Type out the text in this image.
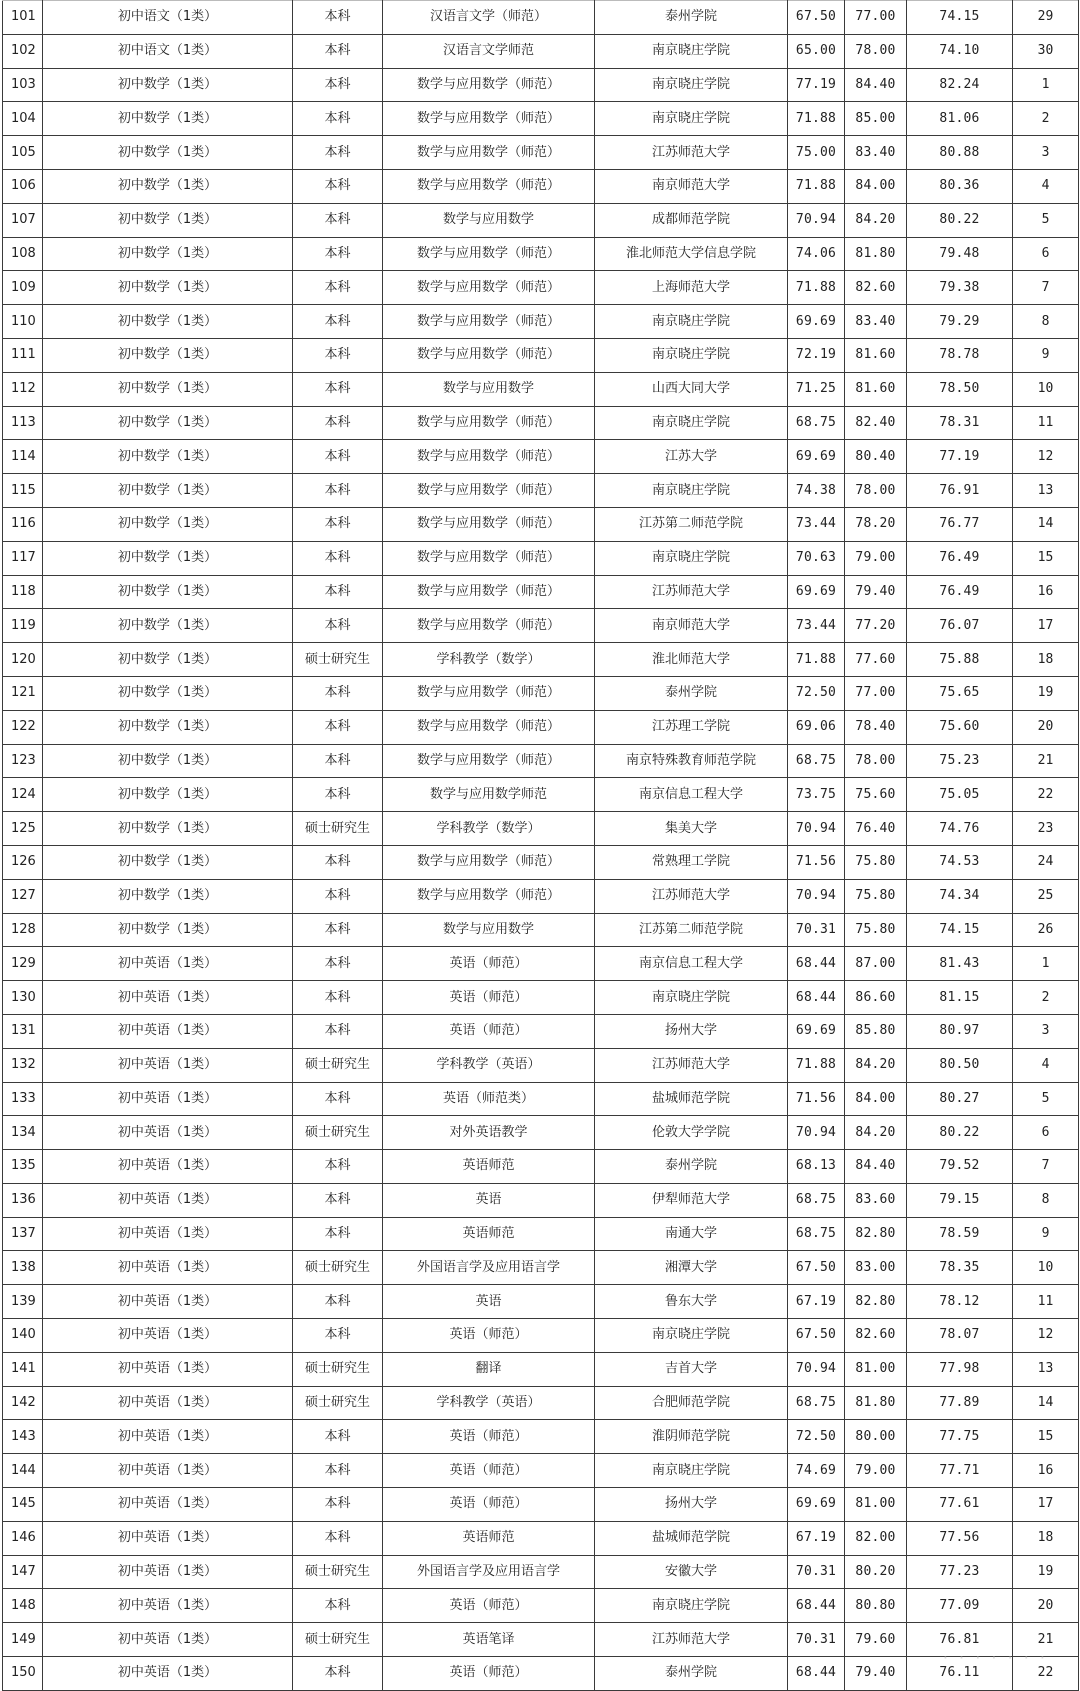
101	初中语文（1类）	本科	汉语言文学（师范）	泰州学院	67.50	77.00	74.15	29
102	初中语文（1类）	本科	汉语言文学师范	南京晓庄学院	65.00	78.00	74.10	30
103	初中数学（1类）	本科	数学与应用数学（师范）	南京晓庄学院	77.19	84.40	82.24	1
104	初中数学（1类）	本科	数学与应用数学（师范）	南京晓庄学院	71.88	85.00	81.06	2
105	初中数学（1类）	本科	数学与应用数学（师范）	江苏师范大学	75.00	83.40	80.88	3
106	初中数学（1类）	本科	数学与应用数学（师范）	南京师范大学	71.88	84.00	80.36	4
107	初中数学（1类）	本科	数学与应用数学	成都师范学院	70.94	84.20	80.22	5
108	初中数学（1类）	本科	数学与应用数学（师范）	淮北师范大学信息学院	74.06	81.80	79.48	6
109	初中数学（1类）	本科	数学与应用数学（师范）	上海师范大学	71.88	82.60	79.38	7
110	初中数学（1类）	本科	数学与应用数学（师范）	南京晓庄学院	69.69	83.40	79.29	8
111	初中数学（1类）	本科	数学与应用数学（师范）	南京晓庄学院	72.19	81.60	78.78	9
112	初中数学（1类）	本科	数学与应用数学	山西大同大学	71.25	81.60	78.50	10
113	初中数学（1类）	本科	数学与应用数学（师范）	南京晓庄学院	68.75	82.40	78.31	11
114	初中数学（1类）	本科	数学与应用数学（师范）	江苏大学	69.69	80.40	77.19	12
115	初中数学（1类）	本科	数学与应用数学（师范）	南京晓庄学院	74.38	78.00	76.91	13
116	初中数学（1类）	本科	数学与应用数学（师范）	江苏第二师范学院	73.44	78.20	76.77	14
117	初中数学（1类）	本科	数学与应用数学（师范）	南京晓庄学院	70.63	79.00	76.49	15
118	初中数学（1类）	本科	数学与应用数学（师范）	江苏师范大学	69.69	79.40	76.49	16
119	初中数学（1类）	本科	数学与应用数学（师范）	南京师范大学	73.44	77.20	76.07	17
120	初中数学（1类）	硕士研究生	学科教学（数学）	淮北师范大学	71.88	77.60	75.88	18
121	初中数学（1类）	本科	数学与应用数学（师范）	泰州学院	72.50	77.00	75.65	19
122	初中数学（1类）	本科	数学与应用数学（师范）	江苏理工学院	69.06	78.40	75.60	20
123	初中数学（1类）	本科	数学与应用数学（师范）	南京特殊教育师范学院	68.75	78.00	75.23	21
124	初中数学（1类）	本科	数学与应用数学师范	南京信息工程大学	73.75	75.60	75.05	22
125	初中数学（1类）	硕士研究生	学科教学（数学）	集美大学	70.94	76.40	74.76	23
126	初中数学（1类）	本科	数学与应用数学（师范）	常熟理工学院	71.56	75.80	74.53	24
127	初中数学（1类）	本科	数学与应用数学（师范）	江苏师范大学	70.94	75.80	74.34	25
128	初中数学（1类）	本科	数学与应用数学	江苏第二师范学院	70.31	75.80	74.15	26
129	初中英语（1类）	本科	英语（师范）	南京信息工程大学	68.44	87.00	81.43	1
130	初中英语（1类）	本科	英语（师范）	南京晓庄学院	68.44	86.60	81.15	2
131	初中英语（1类）	本科	英语（师范）	扬州大学	69.69	85.80	80.97	3
132	初中英语（1类）	硕士研究生	学科教学（英语）	江苏师范大学	71.88	84.20	80.50	4
133	初中英语（1类）	本科	英语（师范类）	盐城师范学院	71.56	84.00	80.27	5
134	初中英语（1类）	硕士研究生	对外英语教学	伦敦大学学院	70.94	84.20	80.22	6
135	初中英语（1类）	本科	英语师范	泰州学院	68.13	84.40	79.52	7
136	初中英语（1类）	本科	英语	伊犁师范大学	68.75	83.60	79.15	8
137	初中英语（1类）	本科	英语师范	南通大学	68.75	82.80	78.59	9
138	初中英语（1类）	硕士研究生	外国语言学及应用语言学	湘潭大学	67.50	83.00	78.35	10
139	初中英语（1类）	本科	英语	鲁东大学	67.19	82.80	78.12	11
140	初中英语（1类）	本科	英语（师范）	南京晓庄学院	67.50	82.60	78.07	12
141	初中英语（1类）	硕士研究生	翻译	吉首大学	70.94	81.00	77.98	13
142	初中英语（1类）	硕士研究生	学科教学（英语）	合肥师范学院	68.75	81.80	77.89	14
143	初中英语（1类）	本科	英语（师范）	淮阴师范学院	72.50	80.00	77.75	15
144	初中英语（1类）	本科	英语（师范）	南京晓庄学院	74.69	79.00	77.71	16
145	初中英语（1类）	本科	英语（师范）	扬州大学	69.69	81.00	77.61	17
146	初中英语（1类）	本科	英语师范	盐城师范学院	67.19	82.00	77.56	18
147	初中英语（1类）	硕士研究生	外国语言学及应用语言学	安徽大学	70.31	80.20	77.23	19
148	初中英语（1类）	本科	英语（师范）	南京晓庄学院	68.44	80.80	77.09	20
149	初中英语（1类）	硕士研究生	英语笔译	江苏师范大学	70.31	79.60	76.81	21
150	初中英语（1类）	本科	英语（师范）	泰州学院	68.44	79.40	76.11	22
· · · · · · ·
